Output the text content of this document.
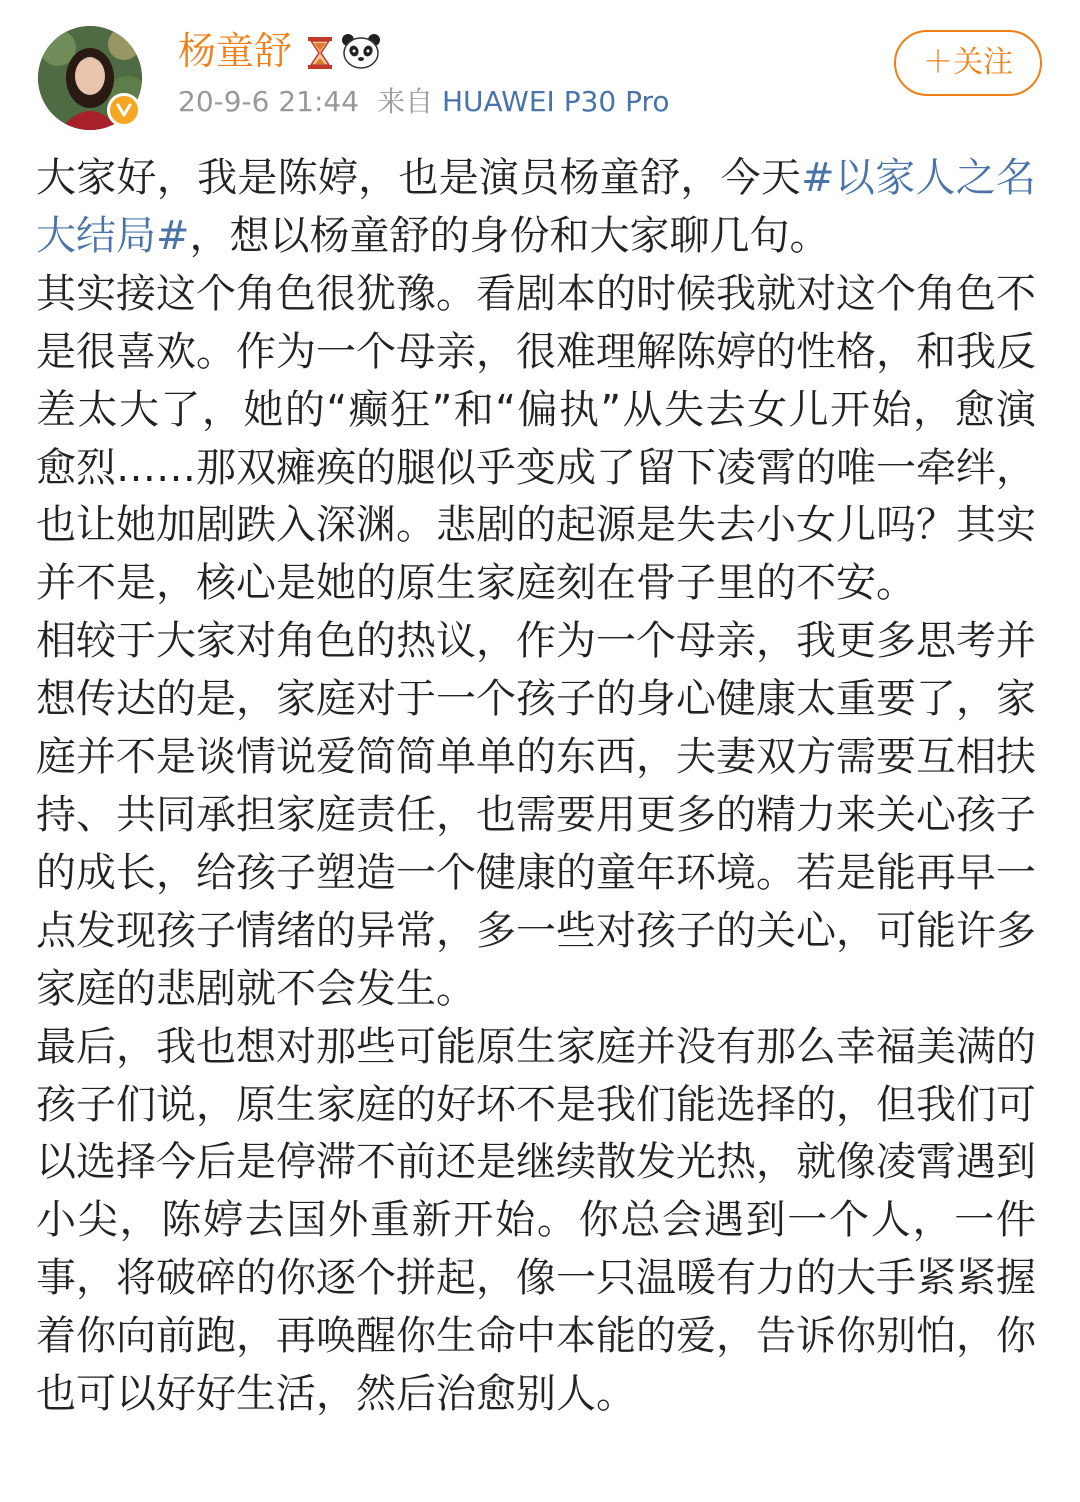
杨童舒
20-9-6 21:44 来自 HUAWEI P30 Pro
＋关注

大家好，我是陈婷，也是演员杨童舒，今天#以家人之名大结局#，想以杨童舒的身份和大家聊几句。

其实接这个角色很犹豫。看剧本的时候我就对这个角色不是很喜欢。作为一个母亲，很难理解陈婷的性格，和我反差太大了，她的“癫狂”和“偏执”从失去女儿开始，愈演愈烈……那双瘫痪的腿似乎变成了留下凌霄的唯一牵绊，也让她加剧跌入深渊。悲剧的起源是失去小女儿吗？其实并不是，核心是她的原生家庭刻在骨子里的不安。

相较于大家对角色的热议，作为一个母亲，我更多思考并想传达的是，家庭对于一个孩子的身心健康太重要了，家庭并不是谈情说爱简简单单的东西，夫妻双方需要互相扶持、共同承担家庭责任，也需要用更多的精力来关心孩子的成长，给孩子塑造一个健康的童年环境。若是能再早一点发现孩子情绪的异常，多一些对孩子的关心，可能许多家庭的悲剧就不会发生。

最后，我也想对那些可能原生家庭并没有那么幸福美满的孩子们说，原生家庭的好坏不是我们能选择的，但我们可以选择今后是停滞不前还是继续散发光热，就像凌霄遇到小尖，陈婷去国外重新开始。你总会遇到一个人，一件事，将破碎的你逐个拼起，像一只温暖有力的大手紧紧握着你向前跑，再唤醒你生命中本能的爱，告诉你别怕，你也可以好好生活，然后治愈别人。
